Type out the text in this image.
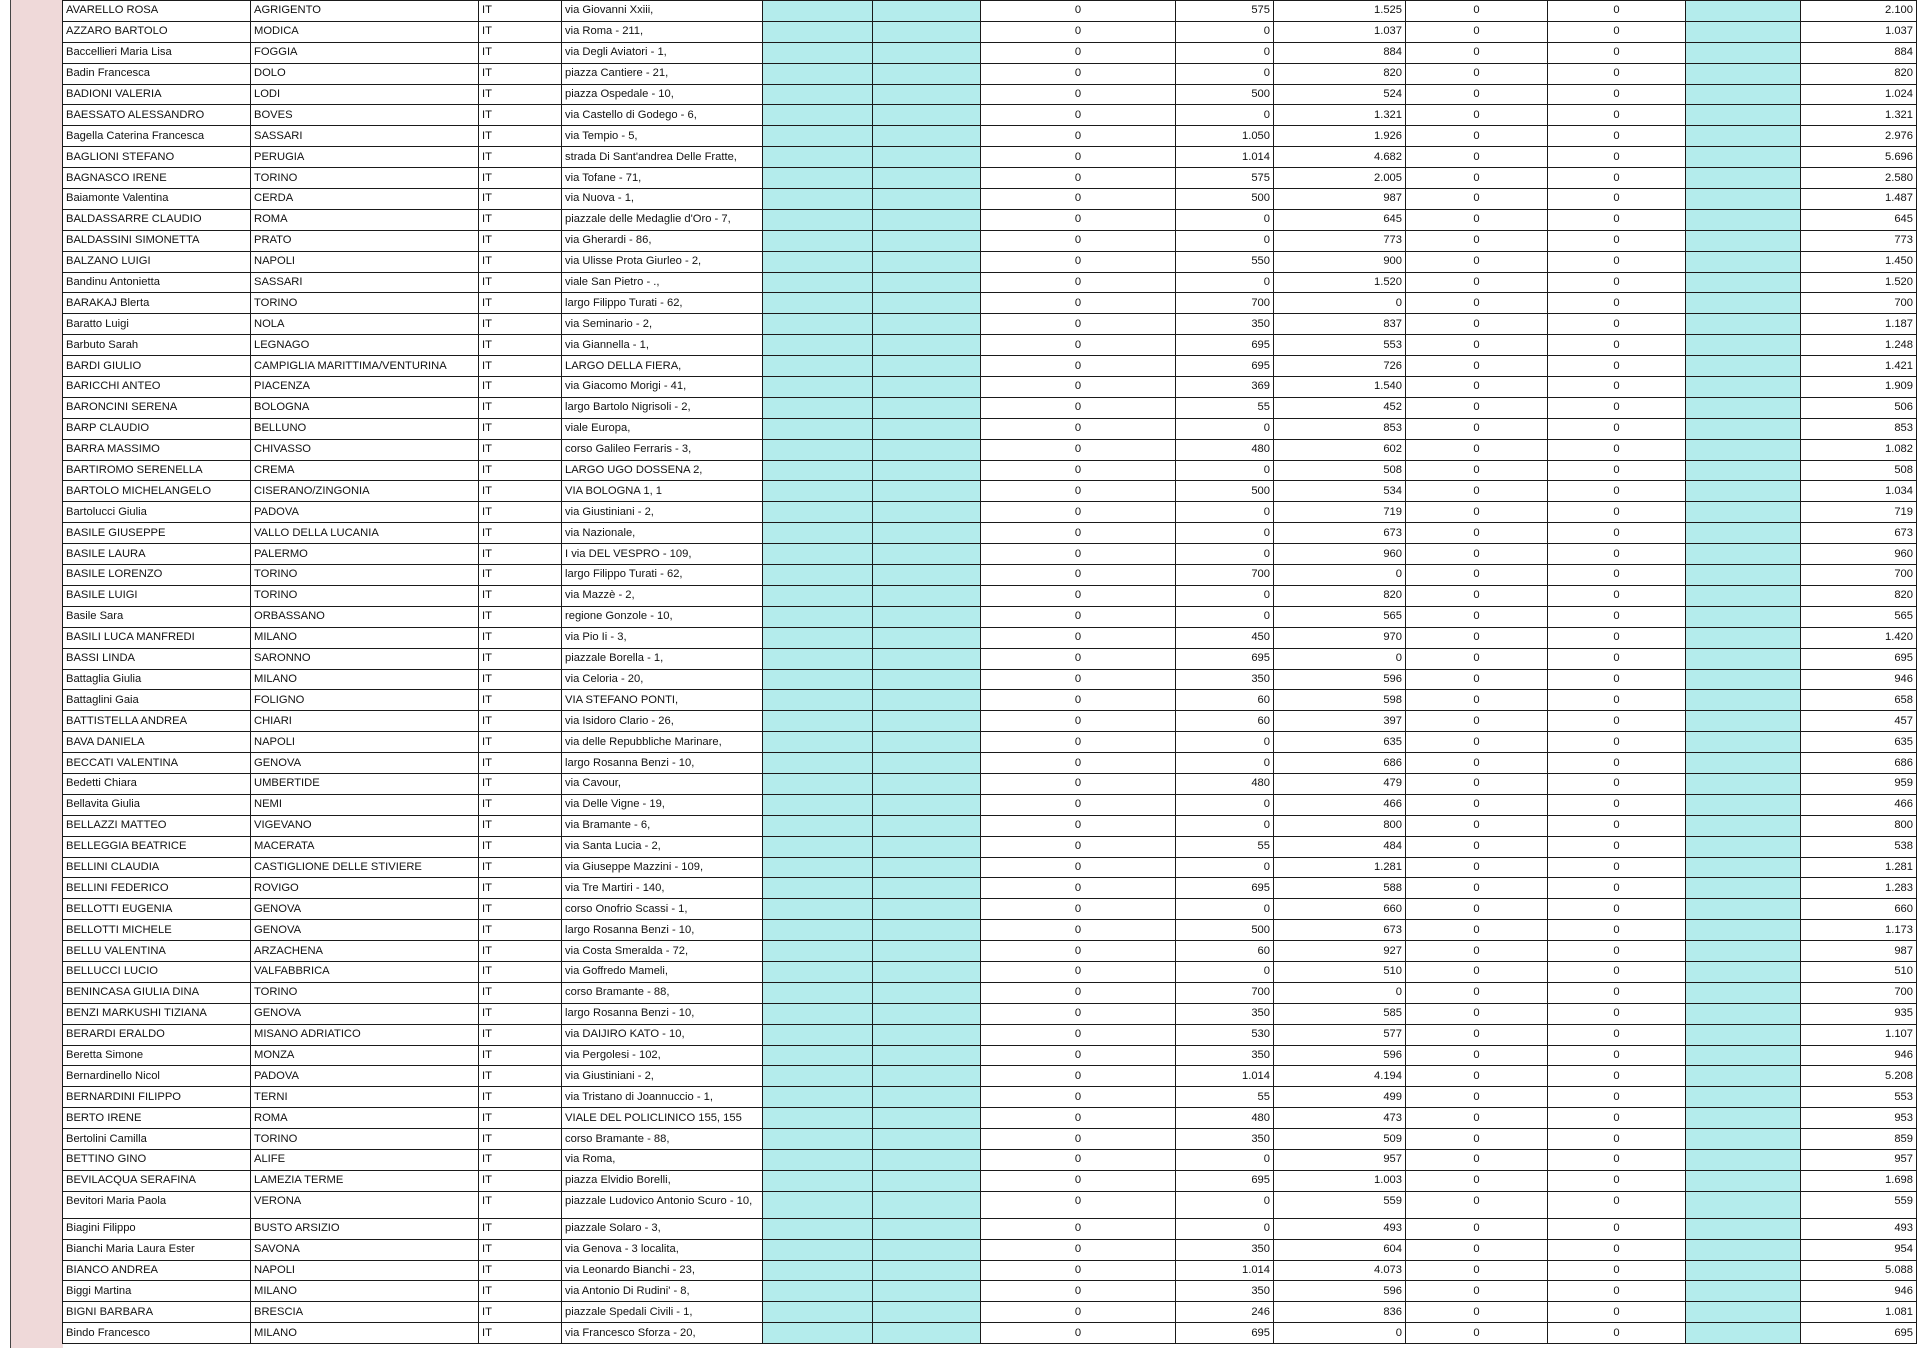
AVARELLO ROSA	AGRIGENTO	IT	via Giovanni Xxiii,			0	575	1.525	0	0		2.100
AZZARO BARTOLO	MODICA	IT	via Roma - 211,			0	0	1.037	0	0		1.037
Baccellieri Maria Lisa	FOGGIA	IT	via Degli Aviatori - 1,			0	0	884	0	0		884
Badin Francesca	DOLO	IT	piazza Cantiere - 21,			0	0	820	0	0		820
BADIONI VALERIA	LODI	IT	piazza Ospedale - 10,			0	500	524	0	0		1.024
BAESSATO ALESSANDRO	BOVES	IT	via Castello di Godego - 6,			0	0	1.321	0	0		1.321
Bagella Caterina Francesca	SASSARI	IT	via Tempio - 5,			0	1.050	1.926	0	0		2.976
BAGLIONI STEFANO	PERUGIA	IT	strada Di Sant'andrea Delle Fratte,			0	1.014	4.682	0	0		5.696
BAGNASCO IRENE	TORINO	IT	via Tofane - 71,			0	575	2.005	0	0		2.580
Baiamonte Valentina	CERDA	IT	via Nuova - 1,			0	500	987	0	0		1.487
BALDASSARRE CLAUDIO	ROMA	IT	piazzale delle Medaglie d'Oro - 7,			0	0	645	0	0		645
BALDASSINI SIMONETTA	PRATO	IT	via Gherardi - 86,			0	0	773	0	0		773
BALZANO LUIGI	NAPOLI	IT	via Ulisse Prota Giurleo - 2,			0	550	900	0	0		1.450
Bandinu Antonietta	SASSARI	IT	viale San Pietro - .,			0	0	1.520	0	0		1.520
BARAKAJ Blerta	TORINO	IT	largo Filippo Turati - 62,			0	700	0	0	0		700
Baratto Luigi	NOLA	IT	via Seminario - 2,			0	350	837	0	0		1.187
Barbuto Sarah	LEGNAGO	IT	via Giannella - 1,			0	695	553	0	0		1.248
BARDI GIULIO	CAMPIGLIA MARITTIMA/VENTURINA	IT	LARGO DELLA FIERA,			0	695	726	0	0		1.421
BARICCHI ANTEO	PIACENZA	IT	via Giacomo Morigi - 41,			0	369	1.540	0	0		1.909
BARONCINI SERENA	BOLOGNA	IT	largo Bartolo Nigrisoli - 2,			0	55	452	0	0		506
BARP CLAUDIO	BELLUNO	IT	viale Europa,			0	0	853	0	0		853
BARRA MASSIMO	CHIVASSO	IT	corso Galileo Ferraris - 3,			0	480	602	0	0		1.082
BARTIROMO SERENELLA	CREMA	IT	LARGO UGO DOSSENA 2,			0	0	508	0	0		508
BARTOLO MICHELANGELO	CISERANO/ZINGONIA	IT	VIA BOLOGNA 1, 1			0	500	534	0	0		1.034
Bartolucci Giulia	PADOVA	IT	via Giustiniani - 2,			0	0	719	0	0		719
BASILE GIUSEPPE	VALLO DELLA LUCANIA	IT	via Nazionale,			0	0	673	0	0		673
BASILE LAURA	PALERMO	IT	I via DEL VESPRO - 109,			0	0	960	0	0		960
BASILE LORENZO	TORINO	IT	largo Filippo Turati - 62,			0	700	0	0	0		700
BASILE LUIGI	TORINO	IT	via Mazzè - 2,			0	0	820	0	0		820
Basile Sara	ORBASSANO	IT	regione Gonzole - 10,			0	0	565	0	0		565
BASILI LUCA MANFREDI	MILANO	IT	via Pio Ii - 3,			0	450	970	0	0		1.420
BASSI LINDA	SARONNO	IT	piazzale Borella - 1,			0	695	0	0	0		695
Battaglia Giulia	MILANO	IT	via Celoria - 20,			0	350	596	0	0		946
Battaglini Gaia	FOLIGNO	IT	VIA STEFANO PONTI,			0	60	598	0	0		658
BATTISTELLA ANDREA	CHIARI	IT	via Isidoro Clario - 26,			0	60	397	0	0		457
BAVA DANIELA	NAPOLI	IT	via delle Repubbliche Marinare,			0	0	635	0	0		635
BECCATI VALENTINA	GENOVA	IT	largo Rosanna Benzi - 10,			0	0	686	0	0		686
Bedetti Chiara	UMBERTIDE	IT	via Cavour,			0	480	479	0	0		959
Bellavita Giulia	NEMI	IT	via Delle Vigne - 19,			0	0	466	0	0		466
BELLAZZI MATTEO	VIGEVANO	IT	via Bramante - 6,			0	0	800	0	0		800
BELLEGGIA BEATRICE	MACERATA	IT	via Santa Lucia - 2,			0	55	484	0	0		538
BELLINI CLAUDIA	CASTIGLIONE DELLE STIVIERE	IT	via Giuseppe Mazzini - 109,			0	0	1.281	0	0		1.281
BELLINI FEDERICO	ROVIGO	IT	via Tre Martiri - 140,			0	695	588	0	0		1.283
BELLOTTI EUGENIA	GENOVA	IT	corso Onofrio Scassi - 1,			0	0	660	0	0		660
BELLOTTI MICHELE	GENOVA	IT	largo Rosanna Benzi - 10,			0	500	673	0	0		1.173
BELLU VALENTINA	ARZACHENA	IT	via Costa Smeralda - 72,			0	60	927	0	0		987
BELLUCCI LUCIO	VALFABBRICA	IT	via Goffredo Mameli,			0	0	510	0	0		510
BENINCASA GIULIA DINA	TORINO	IT	corso Bramante - 88,			0	700	0	0	0		700
BENZI MARKUSHI TIZIANA	GENOVA	IT	largo Rosanna Benzi - 10,			0	350	585	0	0		935
BERARDI ERALDO	MISANO ADRIATICO	IT	via DAIJIRO KATO - 10,			0	530	577	0	0		1.107
Beretta Simone	MONZA	IT	via Pergolesi - 102,			0	350	596	0	0		946
Bernardinello Nicol	PADOVA	IT	via Giustiniani - 2,			0	1.014	4.194	0	0		5.208
BERNARDINI FILIPPO	TERNI	IT	via Tristano di Joannuccio - 1,			0	55	499	0	0		553
BERTO IRENE	ROMA	IT	VIALE DEL POLICLINICO 155, 155			0	480	473	0	0		953
Bertolini Camilla	TORINO	IT	corso Bramante - 88,			0	350	509	0	0		859
BETTINO GINO	ALIFE	IT	via Roma,			0	0	957	0	0		957
BEVILACQUA SERAFINA	LAMEZIA TERME	IT	piazza Elvidio Borelli,			0	695	1.003	0	0		1.698
Bevitori Maria Paola	VERONA	IT	piazzale Ludovico Antonio Scuro - 10,			0	0	559	0	0		559
Biagini Filippo	BUSTO ARSIZIO	IT	piazzale Solaro - 3,			0	0	493	0	0		493
Bianchi Maria Laura Ester	SAVONA	IT	via Genova - 3 localita,			0	350	604	0	0		954
BIANCO ANDREA	NAPOLI	IT	via Leonardo Bianchi - 23,			0	1.014	4.073	0	0		5.088
Biggi Martina	MILANO	IT	via Antonio Di Rudini' - 8,			0	350	596	0	0		946
BIGNI BARBARA	BRESCIA	IT	piazzale Spedali Civili - 1,			0	246	836	0	0		1.081
Bindo Francesco	MILANO	IT	via Francesco Sforza - 20,			0	695	0	0	0		695
